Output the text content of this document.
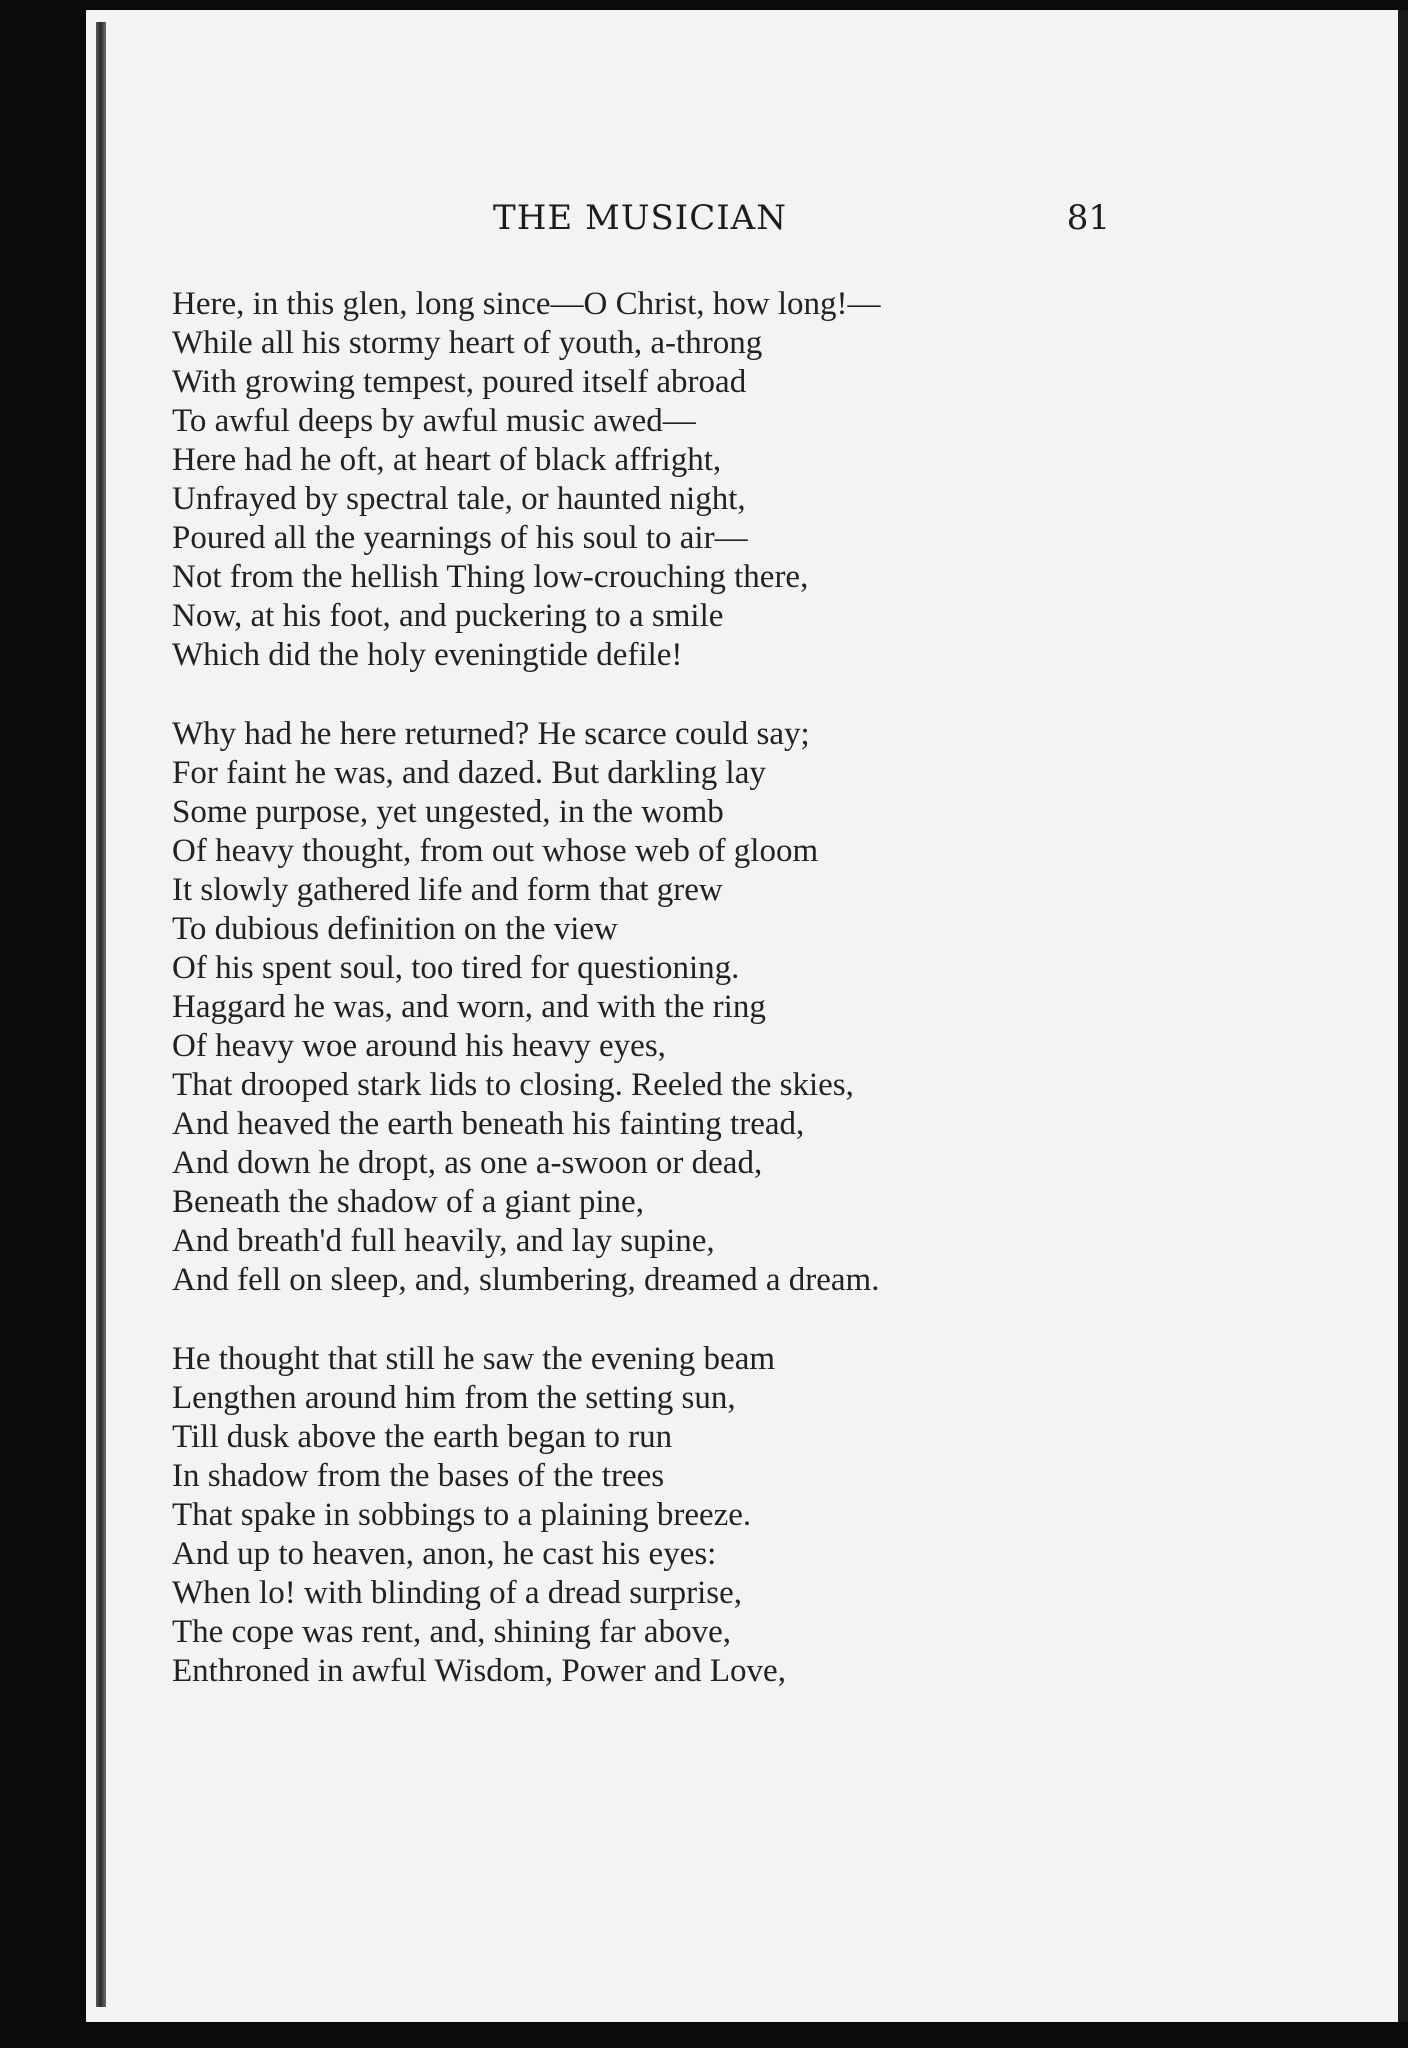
THE MUSICIAN	81
Here, in this glen, long since—O Christ, how long!—
While all his stormy heart of youth, a-throng
With growing tempest, poured itself abroad
To awful deeps by awful music awed—
Here had he oft, at heart of black affright,
Unfrayed by spectral tale, or haunted night,
Poured all the yearnings of his soul to air—
Not from the hellish Thing low-crouching there,
Now, at his foot, and puckering to a smile
Which did the holy eveningtide defile!
Why had he here returned? He scarce could say;
For faint he was, and dazed. But darkling lay
Some purpose, yet ungested, in the womb
Of heavy thought, from out whose web of gloom
It slowly gathered life and form that grew
To dubious definition on the view
Of his spent soul, too tired for questioning.
Haggard he was, and worn, and with the ring
Of heavy woe around his heavy eyes,
That drooped stark lids to closing. Reeled the skies,
And heaved the earth beneath his fainting tread,
And down he dropt, as one a-swoon or dead,
Beneath the shadow of a giant pine,
And breath'd full heavily, and lay supine,
And fell on sleep, and, slumbering, dreamed a dream.
He thought that still he saw the evening beam
Lengthen around him from the setting sun,
Till dusk above the earth began to run
In shadow from the bases of the trees
That spake in sobbings to a plaining breeze.
And up to heaven, anon, he cast his eyes:
When lo! with blinding of a dread surprise,
The cope was rent, and, shining far above,
Enthroned in awful Wisdom, Power and Love,
